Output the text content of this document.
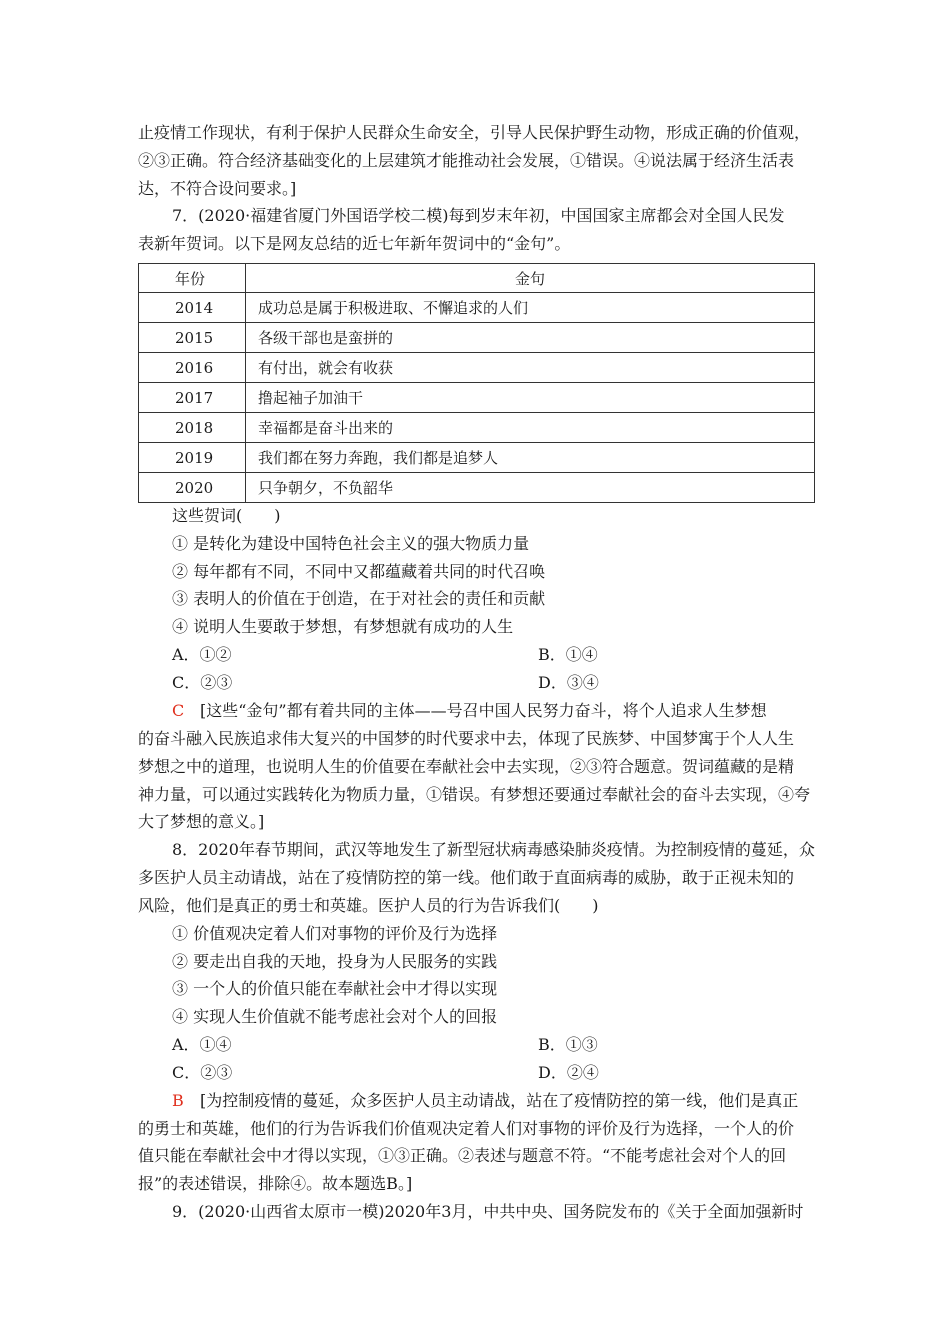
止疫情工作现状，有利于保护人民群众生命安全，引导人民保护野生动物，形成正确的价值观，
②③正确。符合经济基础变化的上层建筑才能推动社会发展，①错误。④说法属于经济生活表
达，不符合设问要求。]
7．(2020·福建省厦门外国语学校二模)每到岁末年初，中国国家主席都会对全国人民发
表新年贺词。以下是网友总结的近七年新年贺词中的“金句”。
年份	金句
2014	成功总是属于积极进取、不懈追求的人们
2015	各级干部也是蛮拼的
2016	有付出，就会有收获
2017	撸起袖子加油干
2018	幸福都是奋斗出来的
2019	我们都在努力奔跑，我们都是追梦人
2020	只争朝夕，不负韶华
这些贺词(　　)
① 是转化为建设中国特色社会主义的强大物质力量
② 每年都有不同，不同中又都蕴藏着共同的时代召唤
③ 表明人的价值在于创造，在于对社会的责任和贡献
④ 说明人生要敢于梦想，有梦想就有成功的人生
A．①②	B．①④
C．②③	D．③④
C [这些“金句”都有着共同的主体——号召中国人民努力奋斗，将个人追求人生梦想
的奋斗融入民族追求伟大复兴的中国梦的时代要求中去，体现了民族梦、中国梦寓于个人人生
梦想之中的道理，也说明人生的价值要在奉献社会中去实现，②③符合题意。贺词蕴藏的是精
神力量，可以通过实践转化为物质力量，①错误。有梦想还要通过奉献社会的奋斗去实现，④夸
大了梦想的意义。]
8．2020年春节期间，武汉等地发生了新型冠状病毒感染肺炎疫情。为控制疫情的蔓延，众
多医护人员主动请战，站在了疫情防控的第一线。他们敢于直面病毒的威胁，敢于正视未知的
风险，他们是真正的勇士和英雄。医护人员的行为告诉我们(　　)
① 价值观决定着人们对事物的评价及行为选择
② 要走出自我的天地，投身为人民服务的实践
③ 一个人的价值只能在奉献社会中才得以实现
④ 实现人生价值就不能考虑社会对个人的回报
A．①④	B．①③
C．②③	D．②④
B [为控制疫情的蔓延，众多医护人员主动请战，站在了疫情防控的第一线，他们是真正
的勇士和英雄，他们的行为告诉我们价值观决定着人们对事物的评价及行为选择，一个人的价
值只能在奉献社会中才得以实现，①③正确。②表述与题意不符。“不能考虑社会对个人的回
报”的表述错误，排除④。故本题选B。]
9．(2020·山西省太原市一模)2020年3月，中共中央、国务院发布的《关于全面加强新时
